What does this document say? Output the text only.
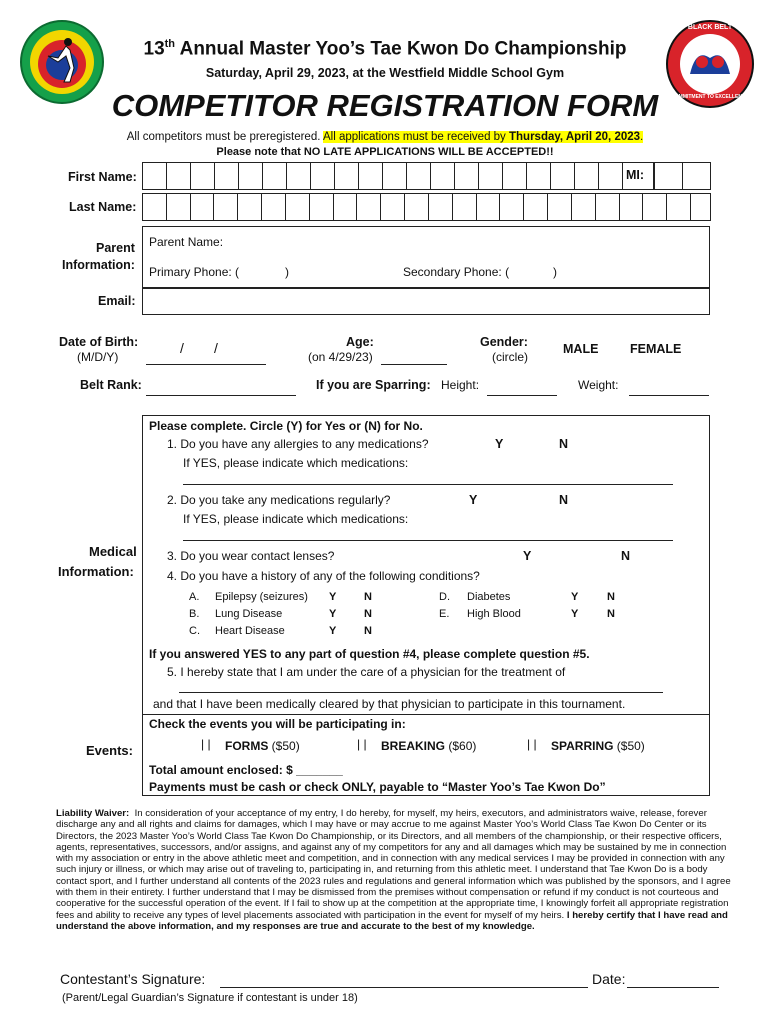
BLACK BELT
COMMITMENT TO EXCELLENCE
13th Annual Master Yoo’s Tae Kwon Do Championship
Saturday, April 29, 2023, at the Westfield Middle School Gym
COMPETITOR REGISTRATION FORM
All competitors must be preregistered. All applications must be received by Thursday, April 20, 2023.
Please note that NO LATE APPLICATIONS WILL BE ACCEPTED!!
First Name:	MI:
Last Name:
Parent
Information:
Parent Name:
Primary Phone: (	)	Secondary Phone: (	)
Email:
Date of Birth:
(M/D/Y)
/ /	Age:
(on 4/29/23)
Gender:
(circle)
MALE	FEMALE
Belt Rank:	If you are Sparring: Height:	Weight:
Medical
Information:
Please complete. Circle (Y) for Yes or (N) for No.
1. Do you have any allergies to any medications?	Y	N
If YES, please indicate which medications:
2. Do you take any medications regularly?	Y	N
If YES, please indicate which medications:
3. Do you wear contact lenses?	Y	N
4. Do you have a history of any of the following conditions?
A. Epilepsy (seizures) Y	N
B. Lung Disease	Y	N
C. Heart Disease	Y	N
D. Diabetes	Y	N
E. High Blood	Y	N
If you answered YES to any part of question #4, please complete question #5.
5. I hereby state that I am under the care of a physician for the treatment of
and that I have been medically cleared by that physician to participate in this tournament.
Events:
Check the events you will be participating in:
| | FORMS ($50)	| | BREAKING ($60)	| | SPARRING ($50)
Total amount enclosed: $ _______
Payments must be cash or check ONLY, payable to “Master Yoo’s Tae Kwon Do”
Liability Waiver: In consideration of your acceptance of my entry, I do hereby, for myself, my heirs, executors, and administrators waive, release, forever discharge any and all rights and claims for damages, which I may have or may accrue to me against Master Yoo’s World Class Tae Kwon Do Center or its Directors, the 2023 Master Yoo’s World Class Tae Kwon Do Championship, or its Directors, and all members of the championship, or their respective officers, agents, representatives, successors, and/or assigns, and against any of my competitors for any and all damages which may be sustained by me in connection with my association or entry in the above athletic meet and competition, and in connection with any medical services I may be provided in connection with any such injury or illness, or which may arise out of traveling to, participating in, and returning from this athletic meet. I understand that Tae Kwon Do is a body contact sport, and I further understand all contents of the 2023 rules and regulations and general information which was published by the sponsors, and I agree with them in their entirety. I further understand that I may be dismissed from the premises without compensation or refund if my conduct is not courteous and cooperative for the successful operation of the event. If I fail to show up at the competition at the appropriate time, I knowingly forfeit all appropriate registration fees and ability to receive any types of level placements associated with participation in the event for myself of my heirs. I hereby certify that I have read and understand the above information, and my responses are true and accurate to the best of my knowledge.
Contestant’s Signature:	Date:
(Parent/Legal Guardian’s Signature if contestant is under 18)
